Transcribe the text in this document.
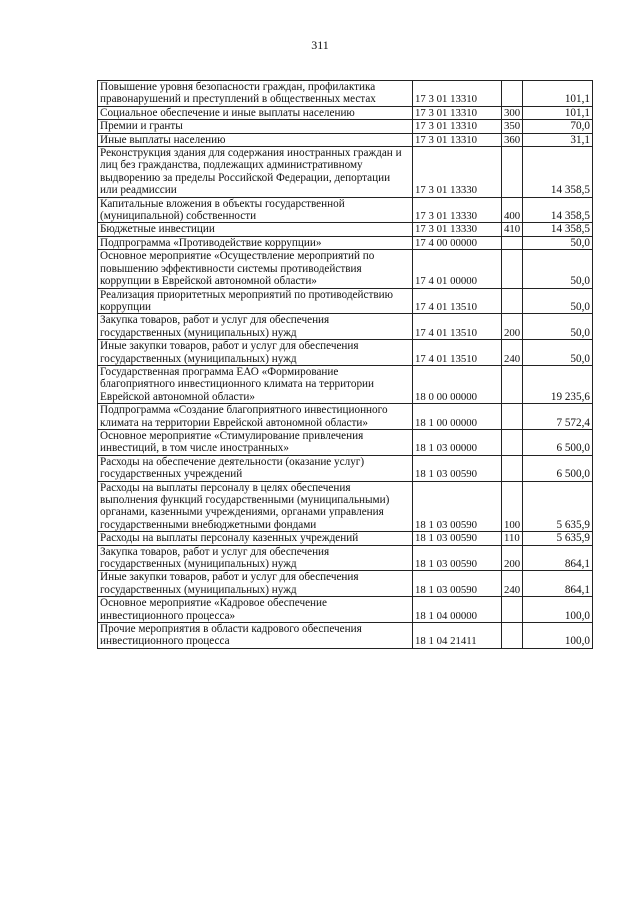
311
Повышение уровня безопасности граждан, профилактика правонарушений и преступлений в общественных местах	17 3 01 13310		101,1
Социальное обеспечение и иные выплаты населению	17 3 01 13310	300	101,1
Премии и гранты	17 3 01 13310	350	70,0
Иные выплаты населению	17 3 01 13310	360	31,1
Реконструкция здания для содержания иностранных граждан и лиц без гражданства, подлежащих административному выдворению за пределы Российской Федерации, депортации или реадмиссии	17 3 01 13330		14 358,5
Капитальные вложения в объекты государственной (муниципальной) собственности	17 3 01 13330	400	14 358,5
Бюджетные инвестиции	17 3 01 13330	410	14 358,5
Подпрограмма «Противодействие коррупции»	17 4 00 00000		50,0
Основное мероприятие «Осуществление мероприятий по повышению эффективности системы противодействия коррупции в Еврейской автономной области»	17 4 01 00000		50,0
Реализация приоритетных мероприятий по противодействию коррупции	17 4 01 13510		50,0
Закупка товаров, работ и услуг для обеспечения государственных (муниципальных) нужд	17 4 01 13510	200	50,0
Иные закупки товаров, работ и услуг для обеспечения государственных (муниципальных) нужд	17 4 01 13510	240	50,0
Государственная программа ЕАО «Формирование благоприятного инвестиционного климата на территории Еврейской автономной области»	18 0 00 00000		19 235,6
Подпрограмма «Создание благоприятного инвестиционного климата на территории Еврейской автономной области»	18 1 00 00000		7 572,4
Основное мероприятие «Стимулирование привлечения инвестиций, в том числе иностранных»	18 1 03 00000		6 500,0
Расходы на обеспечение деятельности (оказание услуг) государственных учреждений	18 1 03 00590		6 500,0
Расходы на выплаты персоналу в целях обеспечения выполнения функций государственными (муниципальными) органами, казенными учреждениями, органами управления государственными внебюджетными фондами	18 1 03 00590	100	5 635,9
Расходы на выплаты персоналу казенных учреждений	18 1 03 00590	110	5 635,9
Закупка товаров, работ и услуг для обеспечения государственных (муниципальных) нужд	18 1 03 00590	200	864,1
Иные закупки товаров, работ и услуг для обеспечения государственных (муниципальных) нужд	18 1 03 00590	240	864,1
Основное мероприятие «Кадровое обеспечение инвестиционного процесса»	18 1 04 00000		100,0
Прочие мероприятия в области кадрового обеспечения инвестиционного процесса	18 1 04 21411		100,0
